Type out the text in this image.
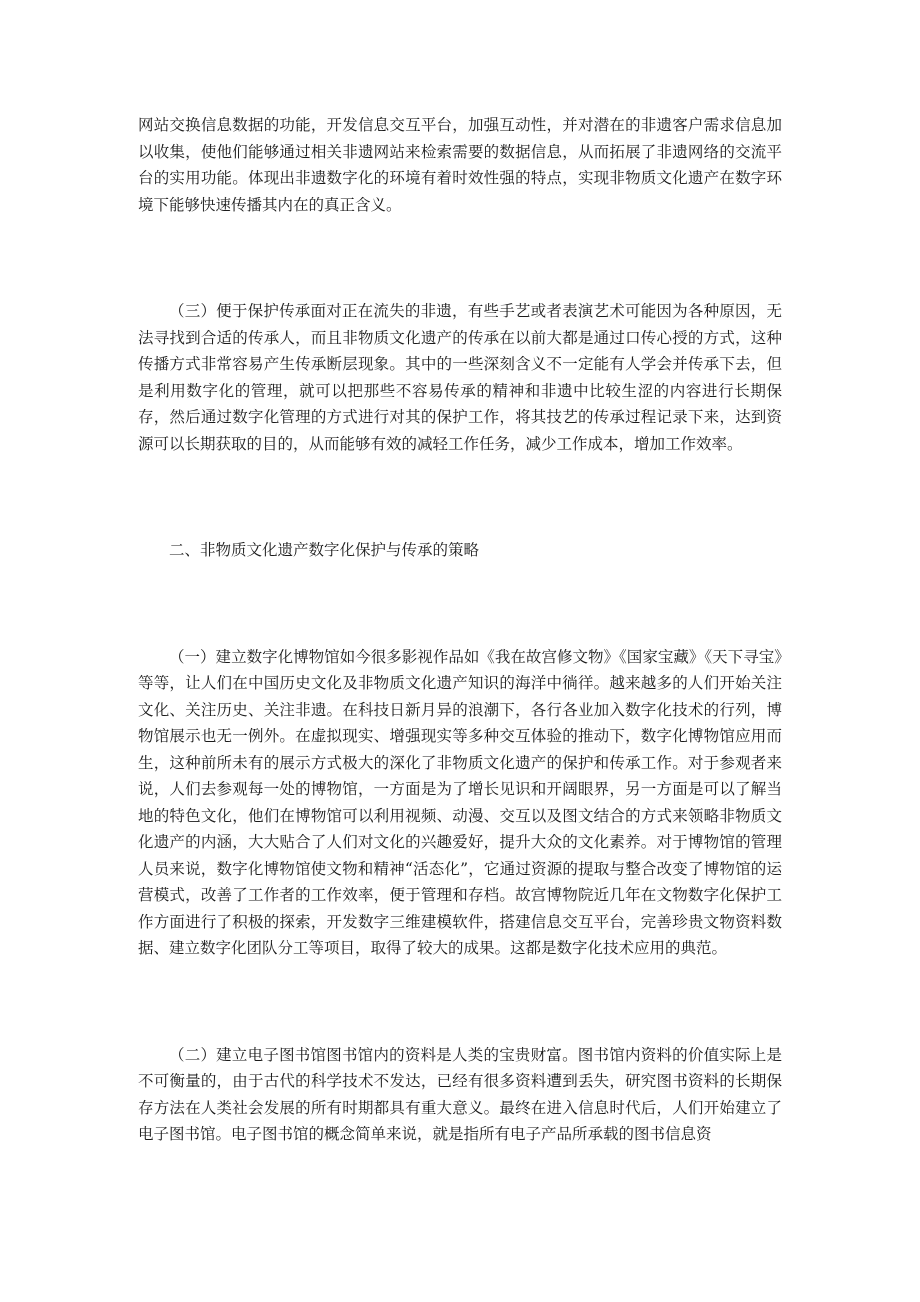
网站交换信息数据的功能，开发信息交互平台，加强互动性，并对潜在的非遗客户需求信息加以收集，使他们能够通过相关非遗网站来检索需要的数据信息，从而拓展了非遗网络的交流平台的实用功能。体现出非遗数字化的环境有着时效性强的特点，实现非物质文化遗产在数字环境下能够快速传播其内在的真正含义。

（三）便于保护传承面对正在流失的非遗，有些手艺或者表演艺术可能因为各种原因，无法寻找到合适的传承人，而且非物质文化遗产的传承在以前大都是通过口传心授的方式，这种传播方式非常容易产生传承断层现象。其中的一些深刻含义不一定能有人学会并传承下去，但是利用数字化的管理，就可以把那些不容易传承的精神和非遗中比较生涩的内容进行长期保存，然后通过数字化管理的方式进行对其的保护工作，将其技艺的传承过程记录下来，达到资源可以长期获取的目的，从而能够有效的减轻工作任务，减少工作成本，增加工作效率。

二、非物质文化遗产数字化保护与传承的策略

（一）建立数字化博物馆如今很多影视作品如《我在故宫修文物》《国家宝藏》《天下寻宝》等等，让人们在中国历史文化及非物质文化遗产知识的海洋中徜徉。越来越多的人们开始关注文化、关注历史、关注非遗。在科技日新月异的浪潮下，各行各业加入数字化技术的行列，博物馆展示也无一例外。在虚拟现实、增强现实等多种交互体验的推动下，数字化博物馆应用而生，这种前所未有的展示方式极大的深化了非物质文化遗产的保护和传承工作。对于参观者来说，人们去参观每一处的博物馆，一方面是为了增长见识和开阔眼界，另一方面是可以了解当地的特色文化，他们在博物馆可以利用视频、动漫、交互以及图文结合的方式来领略非物质文化遗产的内涵，大大贴合了人们对文化的兴趣爱好，提升大众的文化素养。对于博物馆的管理人员来说，数字化博物馆使文物和精神“活态化”，它通过资源的提取与整合改变了博物馆的运营模式，改善了工作者的工作效率，便于管理和存档。故宫博物院近几年在文物数字化保护工作方面进行了积极的探索，开发数字三维建模软件，搭建信息交互平台，完善珍贵文物资料数据、建立数字化团队分工等项目，取得了较大的成果。这都是数字化技术应用的典范。

（二）建立电子图书馆图书馆内的资料是人类的宝贵财富。图书馆内资料的价值实际上是不可衡量的，由于古代的科学技术不发达，已经有很多资料遭到丢失，研究图书资料的长期保存方法在人类社会发展的所有时期都具有重大意义。最终在进入信息时代后，人们开始建立了电子图书馆。电子图书馆的概念简单来说，就是指所有电子产品所承载的图书信息资
